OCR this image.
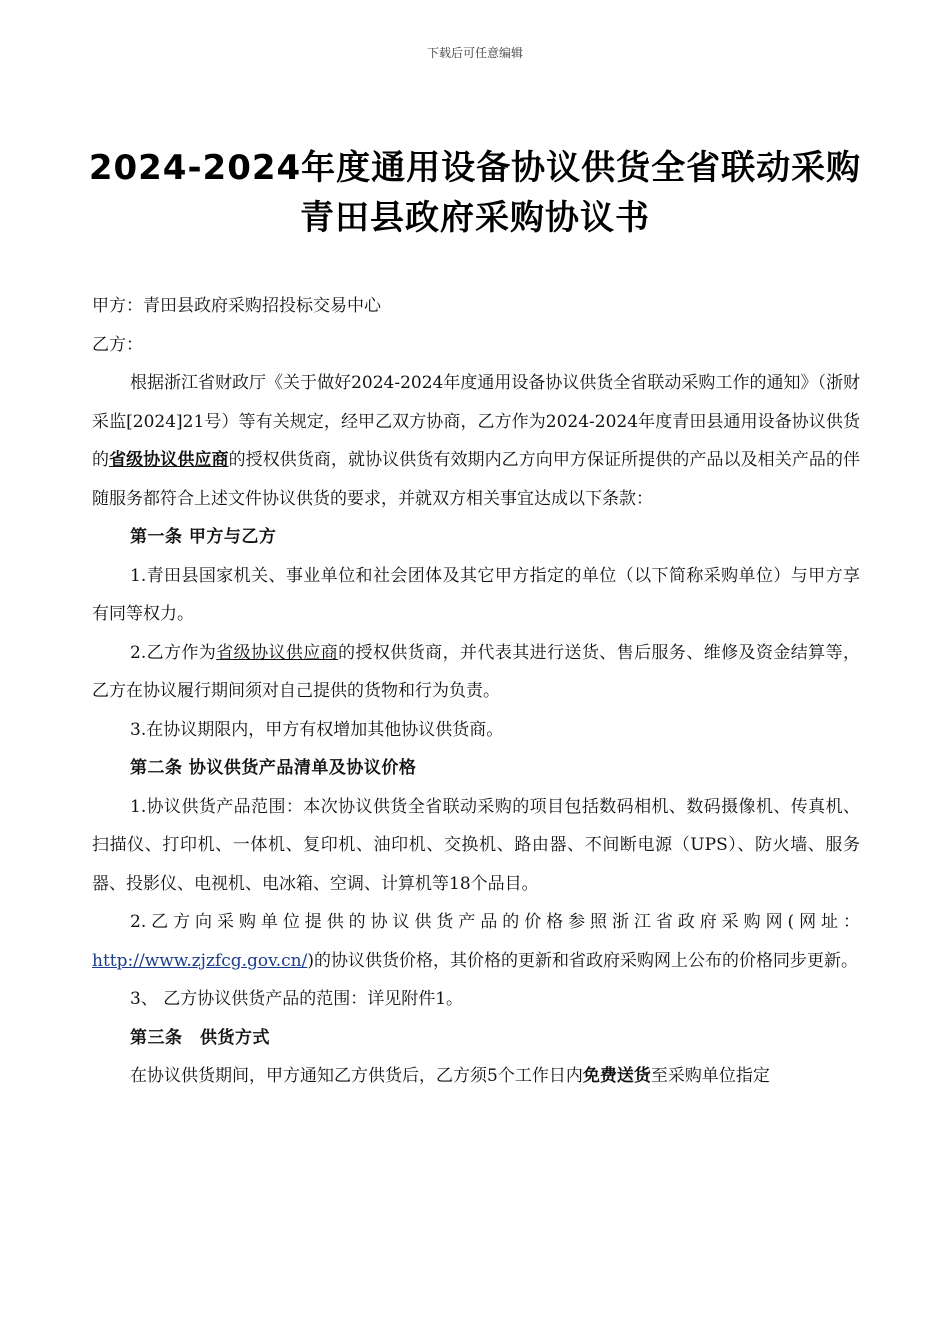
下载后可任意编辑
2024-2024年度通用设备协议供货全省联动采购
青田县政府采购协议书

甲方：青田县政府采购招投标交易中心

乙方：

根据浙江省财政厅《关于做好2024-2024年度通用设备协议供货全省联动采购工作的通知》（浙财采监[2024]21号）等有关规定，经甲乙双方协商，乙方作为2024-2024年度青田县通用设备协议供货的省级协议供应商的授权供货商，就协议供货有效期内乙方向甲方保证所提供的产品以及相关产品的伴随服务都符合上述文件协议供货的要求，并就双方相关事宜达成以下条款：

第一条 甲方与乙方

1.青田县国家机关、事业单位和社会团体及其它甲方指定的单位（以下简称采购单位）与甲方享有同等权力。

2.乙方作为省级协议供应商的授权供货商，并代表其进行送货、售后服务、维修及资金结算等，乙方在协议履行期间须对自己提供的货物和行为负责。

3.在协议期限内，甲方有权增加其他协议供货商。

第二条 协议供货产品清单及协议价格

1.协议供货产品范围：本次协议供货全省联动采购的项目包括数码相机、数码摄像机、传真机、扫描仪、打印机、一体机、复印机、油印机、交换机、路由器、不间断电源（UPS）、防火墙、服务器、投影仪、电视机、电冰箱、空调、计算机等18个品目。

2.乙方向采购单位提供的协议供货产品的价格参照浙江省政府采购网(网址：http://www.zjzfcg.gov.cn/)的协议供货价格，其价格的更新和省政府采购网上公布的价格同步更新。

3、 乙方协议供货产品的范围：详见附件1。

第三条　供货方式

在协议供货期间，甲方通知乙方供货后，乙方须5个工作日内免费送货至采购单位指定
